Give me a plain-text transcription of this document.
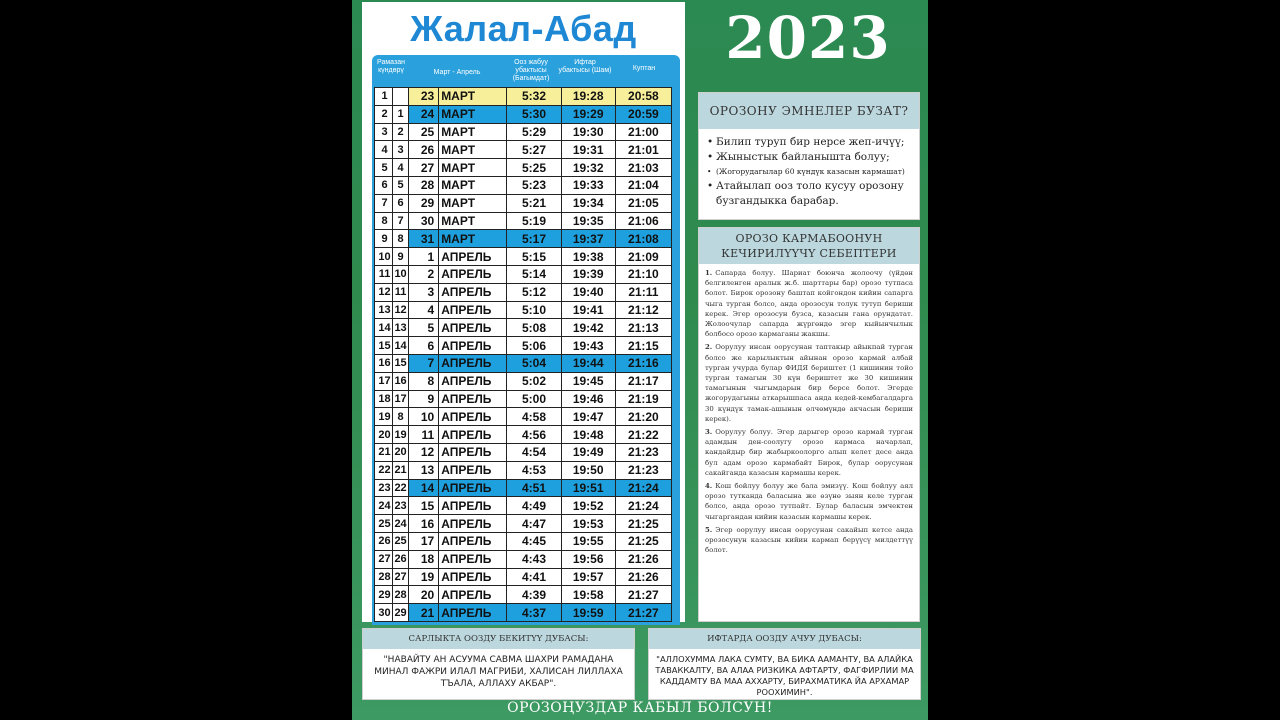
Жалал-Абад
Рамазан күндөрү	Март - Апрель
Ооз жабуу убактысы (Багымдат)
Ифтар убактысы (Шам)	Куптан
1		23	МАРТ	5:32	19:28	20:58
2	1	24	МАРТ	5:30	19:29	20:59
3	2	25	МАРТ	5:29	19:30	21:00
4	3	26	МАРТ	5:27	19:31	21:01
5	4	27	МАРТ	5:25	19:32	21:03
6	5	28	МАРТ	5:23	19:33	21:04
7	6	29	МАРТ	5:21	19:34	21:05
8	7	30	МАРТ	5:19	19:35	21:06
9	8	31	МАРТ	5:17	19:37	21:08
10	9	1	АПРЕЛЬ	5:15	19:38	21:09
11	10	2	АПРЕЛЬ	5:14	19:39	21:10
12	11	3	АПРЕЛЬ	5:12	19:40	21:11
13	12	4	АПРЕЛЬ	5:10	19:41	21:12
14	13	5	АПРЕЛЬ	5:08	19:42	21:13
15	14	6	АПРЕЛЬ	5:06	19:43	21:15
16	15	7	АПРЕЛЬ	5:04	19:44	21:16
17	16	8	АПРЕЛЬ	5:02	19:45	21:17
18	17	9	АПРЕЛЬ	5:00	19:46	21:19
19	8	10	АПРЕЛЬ	4:58	19:47	21:20
20	19	11	АПРЕЛЬ	4:56	19:48	21:22
21	20	12	АПРЕЛЬ	4:54	19:49	21:23
22	21	13	АПРЕЛЬ	4:53	19:50	21:23
23	22	14	АПРЕЛЬ	4:51	19:51	21:24
24	23	15	АПРЕЛЬ	4:49	19:52	21:24
25	24	16	АПРЕЛЬ	4:47	19:53	21:25
26	25	17	АПРЕЛЬ	4:45	19:55	21:25
27	26	18	АПРЕЛЬ	4:43	19:56	21:26
28	27	19	АПРЕЛЬ	4:41	19:57	21:26
29	28	20	АПРЕЛЬ	4:39	19:58	21:27
30	29	21	АПРЕЛЬ	4:37	19:59	21:27
2023
ОРОЗОНУ ЭМНЕЛЕР БУЗАТ?
• Билип туруп бир нерсе жеп-ичүү;
• Жыныстык байланышта болуу;
• (Жогорудагылар 60 күндүк казасын кармашат)
• Атайылап ооз толо кусуу орозону бузгандыкка барабар.
ОРОЗО КАРМАБООНУН
КЕЧИРИЛҮҮЧҮ СЕБЕПТЕРИ

1. Сапарда болуу. Шариат боюнча жолоочу (үйдөн белгиленген аралык ж.б. шарттары бар) орозо тутпаса болот. Бирок орозону баштап койгондон кийин сапарга чыга турган болсо, анда орозосун толук тутуп бериши керек. Эгер орозосун бузса, казасын гана орундатат. Жолоочулар сапарда жүргөндө эгер кыйынчылык болбосо орозо кармаганы жакшы.

2. Оорулуу инсан оорусунан таптакыр айыкпай турган болсо же карылыктын айынан орозо кармай албай турган учурда булар ФИДЯ бериштет (1 кишинин тойо турган тамагын 30 күн бериштет же 30 кишинин тамагынын чыгымдарын бир берсе болот. Эгерде жогорудагыны аткарышпаса анда кедей-кембагалдарга 30 күндүк тамак-ашынын өлчөмүндө акчасын бериши керек).

3. Оорулуу болуу. Эгер дарыгер орозо кармай турган адамдын ден-соолугу орозо кармаса начарлап, кандайдыр бир жабыркоолорго алып келет десе анда бул адам орозо кармабайт Бирок, булар оорусунан сакайганда казасын кармашы керек.

4. Кош бойлуу болуу же бала эмизүү. Кош бойлуу аял орозо тутканда баласына же өзүнө зыян келе турган болсо, анда орозо тутпайт. Булар баласын эмчектен чыгаргандан кийин казасын кармашы керек.

5. Эгер оорулуу инсан оорусунан сакайып кетсе анда орозосунун казасын кийин кармап берүүсү милдеттүү болот.

САРЛЫКТА ООЗДУ БЕКИТҮҮ ДУБАСЫ:
"НАВАЙТУ АН АСУУМА САВМА ШАХРИ РАМАДАНА МИНАЛ ФАЖРИ ИЛАЛ МАГРИБИ, ХАЛИСАН ЛИЛЛАХА ТЪАЛА, АЛЛАХУ АКБАР".
ИФТАРДА ООЗДУ АЧУУ ДУБАСЫ:
"АЛЛОХУММА ЛАКА СУМТУ, ВА БИКА ААМАНТУ, ВА АЛАЙКА ТАВАККАЛТУ, ВА АЛАА РИЗКИКА АФТАРТУ, ФАГФИРЛИИ МА КАДДАМТУ ВА МАА АХХАРТУ, БИРАХМАТИКА ЙА АРХАМАР РООХИМИН".
ОРОЗОҢУЗДАР КАБЫЛ БОЛСУН!
